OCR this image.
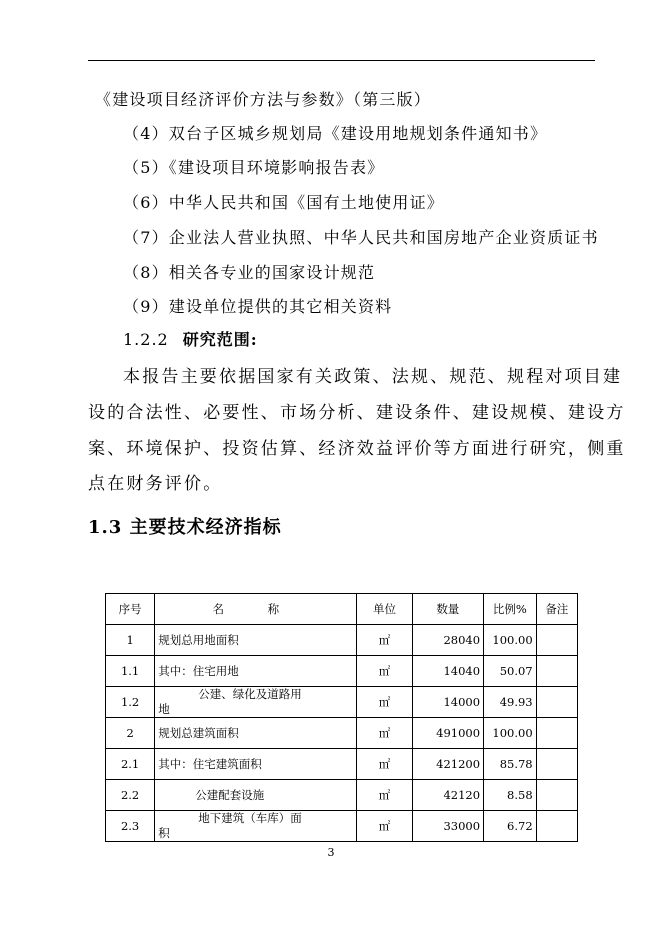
《建设项目经济评价方法与参数》（第三版）
（4）双台子区城乡规划局《建设用地规划条件通知书》
（5）《建设项目环境影响报告表》
（6）中华人民共和国《国有土地使用证》
（7）企业法人营业执照、中华人民共和国房地产企业资质证书
（8）相关各专业的国家设计规范
（9）建设单位提供的其它相关资料
1.2.2 研究范围:
本报告主要依据国家有关政策、法规、规范、规程对项目建
设的合法性、必要性、市场分析、建设条件、建设规模、建设方
案、环境保护、投资估算、经济效益评价等方面进行研究，侧重
点在财务评价。
1.3 主要技术经济指标
序号	名 称	单位	数量	比例%	备注
1	规划总用地面积	㎡	28040	100.00	
1.1	其中：住宅用地	㎡	14040	50.07	
1.2	公建、绿化及道路用
地	㎡	14000	49.93	
2	规划总建筑面积	㎡	491000	100.00	
2.1	其中：住宅建筑面积	㎡	421200	85.78	
2.2	公建配套设施	㎡	42120	8.58	
2.3	地下建筑（车库）面
积	㎡	33000	6.72	
3
